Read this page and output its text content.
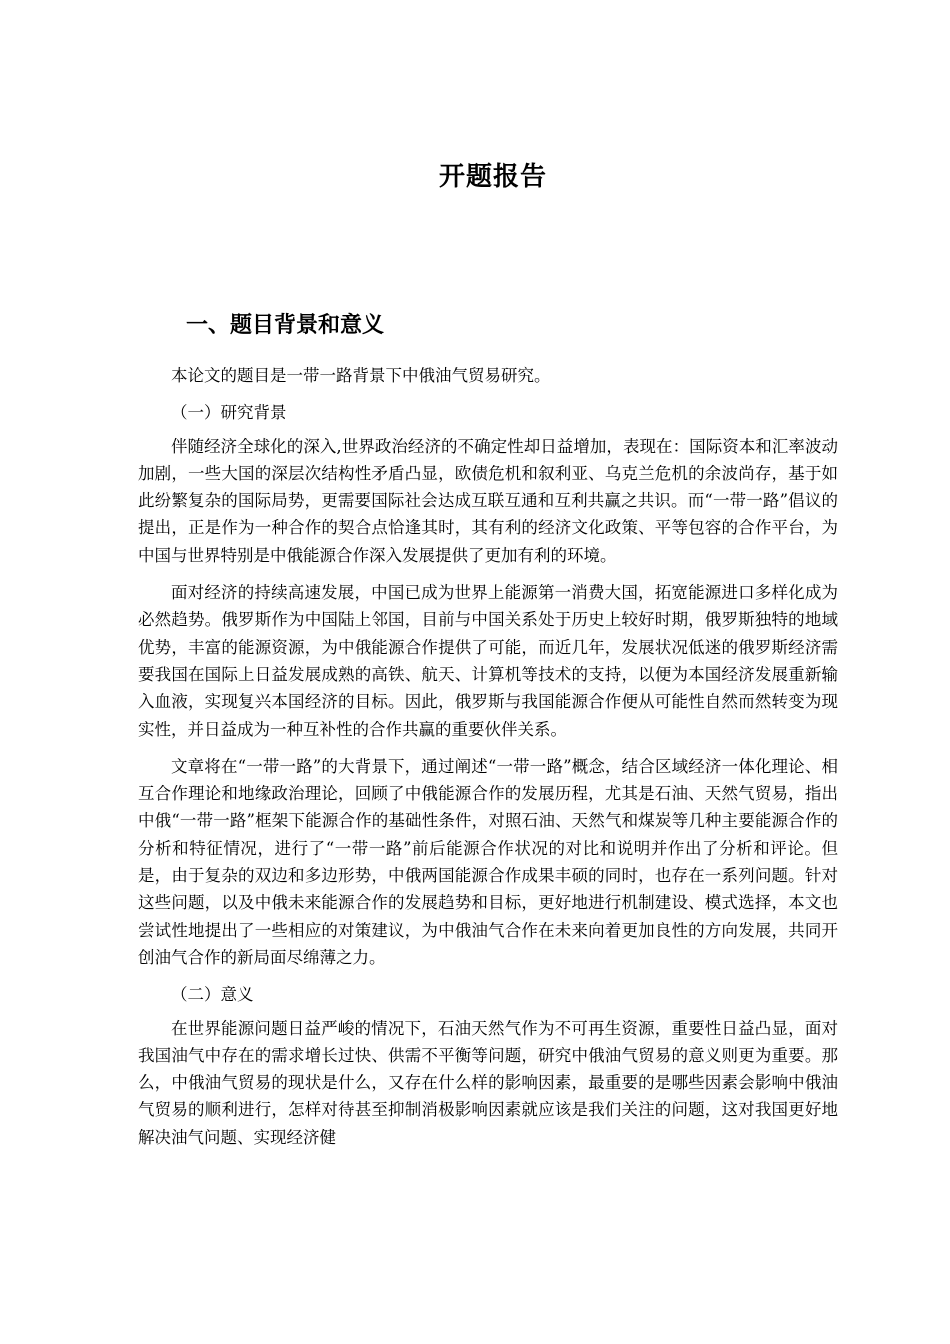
开题报告
一、题目背景和意义

本论文的题目是一带一路背景下中俄油气贸易研究。

（一）研究背景

伴随经济全球化的深入,世界政治经济的不确定性却日益增加，表现在：国际资本和汇率波动加剧，一些大国的深层次结构性矛盾凸显，欧债危机和叙利亚、乌克兰危机的余波尚存，基于如此纷繁复杂的国际局势，更需要国际社会达成互联互通和互利共赢之共识。而“一带一路”倡议的提出，正是作为一种合作的契合点恰逢其时，其有利的经济文化政策、平等包容的合作平台，为中国与世界特别是中俄能源合作深入发展提供了更加有利的环境。

面对经济的持续高速发展，中国已成为世界上能源第一消费大国，拓宽能源进口多样化成为必然趋势。俄罗斯作为中国陆上邻国，目前与中国关系处于历史上较好时期，俄罗斯独特的地域优势，丰富的能源资源，为中俄能源合作提供了可能，而近几年，发展状况低迷的俄罗斯经济需要我国在国际上日益发展成熟的高铁、航天、计算机等技术的支持，以便为本国经济发展重新输入血液，实现复兴本国经济的目标。因此，俄罗斯与我国能源合作便从可能性自然而然转变为现实性，并日益成为一种互补性的合作共赢的重要伙伴关系。

文章将在“一带一路”的大背景下，通过阐述“一带一路”概念，结合区域经济一体化理论、相互合作理论和地缘政治理论，回顾了中俄能源合作的发展历程，尤其是石油、天然气贸易，指出中俄“一带一路”框架下能源合作的基础性条件，对照石油、天然气和煤炭等几种主要能源合作的分析和特征情况，进行了“一带一路”前后能源合作状况的对比和说明并作出了分析和评论。但是，由于复杂的双边和多边形势，中俄两国能源合作成果丰硕的同时，也存在一系列问题。针对这些问题，以及中俄未来能源合作的发展趋势和目标，更好地进行机制建设、模式选择，本文也尝试性地提出了一些相应的对策建议，为中俄油气合作在未来向着更加良性的方向发展，共同开创油气合作的新局面尽绵薄之力。

（二）意义

在世界能源问题日益严峻的情况下，石油天然气作为不可再生资源，重要性日益凸显，面对我国油气中存在的需求增长过快、供需不平衡等问题，研究中俄油气贸易的意义则更为重要。那么，中俄油气贸易的现状是什么，又存在什么样的影响因素，最重要的是哪些因素会影响中俄油气贸易的顺利进行，怎样对待甚至抑制消极影响因素就应该是我们关注的问题，这对我国更好地解决油气问题、实现经济健
